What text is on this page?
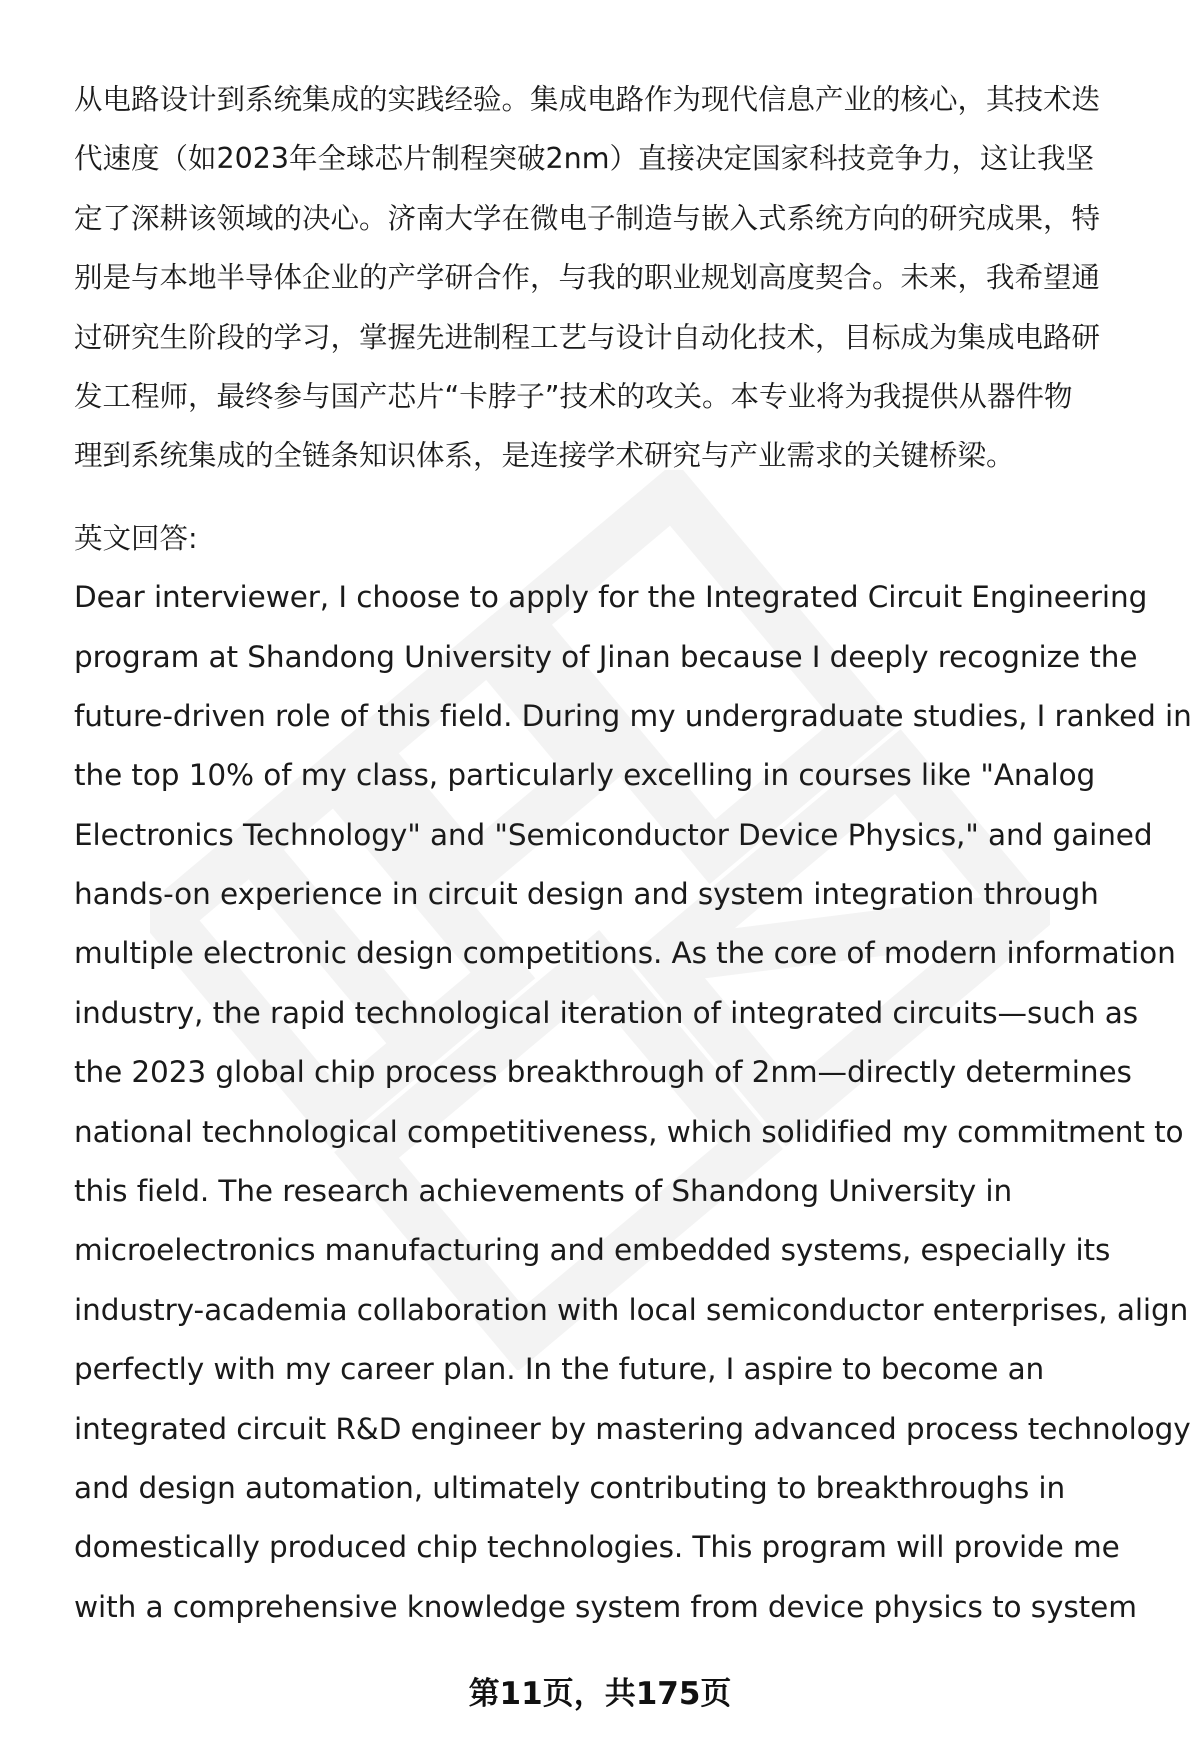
从电路设计到系统集成的实践经验。集成电路作为现代信息产业的核心，其技术迭
代速度（如2023年全球芯片制程突破2nm）直接决定国家科技竞争力，这让我坚
定了深耕该领域的决心。济南大学在微电子制造与嵌入式系统方向的研究成果，特
别是与本地半导体企业的产学研合作，与我的职业规划高度契合。未来，我希望通
过研究生阶段的学习，掌握先进制程工艺与设计自动化技术，目标成为集成电路研
发工程师，最终参与国产芯片“卡脖子”技术的攻关。本专业将为我提供从器件物
理到系统集成的全链条知识体系，是连接学术研究与产业需求的关键桥梁。
英文回答:
Dear interviewer, I choose to apply for the Integrated Circuit Engineering
program at Shandong University of Jinan because I deeply recognize the
future-driven role of this field. During my undergraduate studies, I ranked in
the top 10% of my class, particularly excelling in courses like "Analog
Electronics Technology" and "Semiconductor Device Physics," and gained
hands-on experience in circuit design and system integration through
multiple electronic design competitions. As the core of modern information
industry, the rapid technological iteration of integrated circuits—such as
the 2023 global chip process breakthrough of 2nm—directly determines
national technological competitiveness, which solidified my commitment to
this field. The research achievements of Shandong University in
microelectronics manufacturing and embedded systems, especially its
industry-academia collaboration with local semiconductor enterprises, align
perfectly with my career plan. In the future, I aspire to become an
integrated circuit R&D engineer by mastering advanced process technology
and design automation, ultimately contributing to breakthroughs in
domestically produced chip technologies. This program will provide me
with a comprehensive knowledge system from device physics to system
第11页，共175页
